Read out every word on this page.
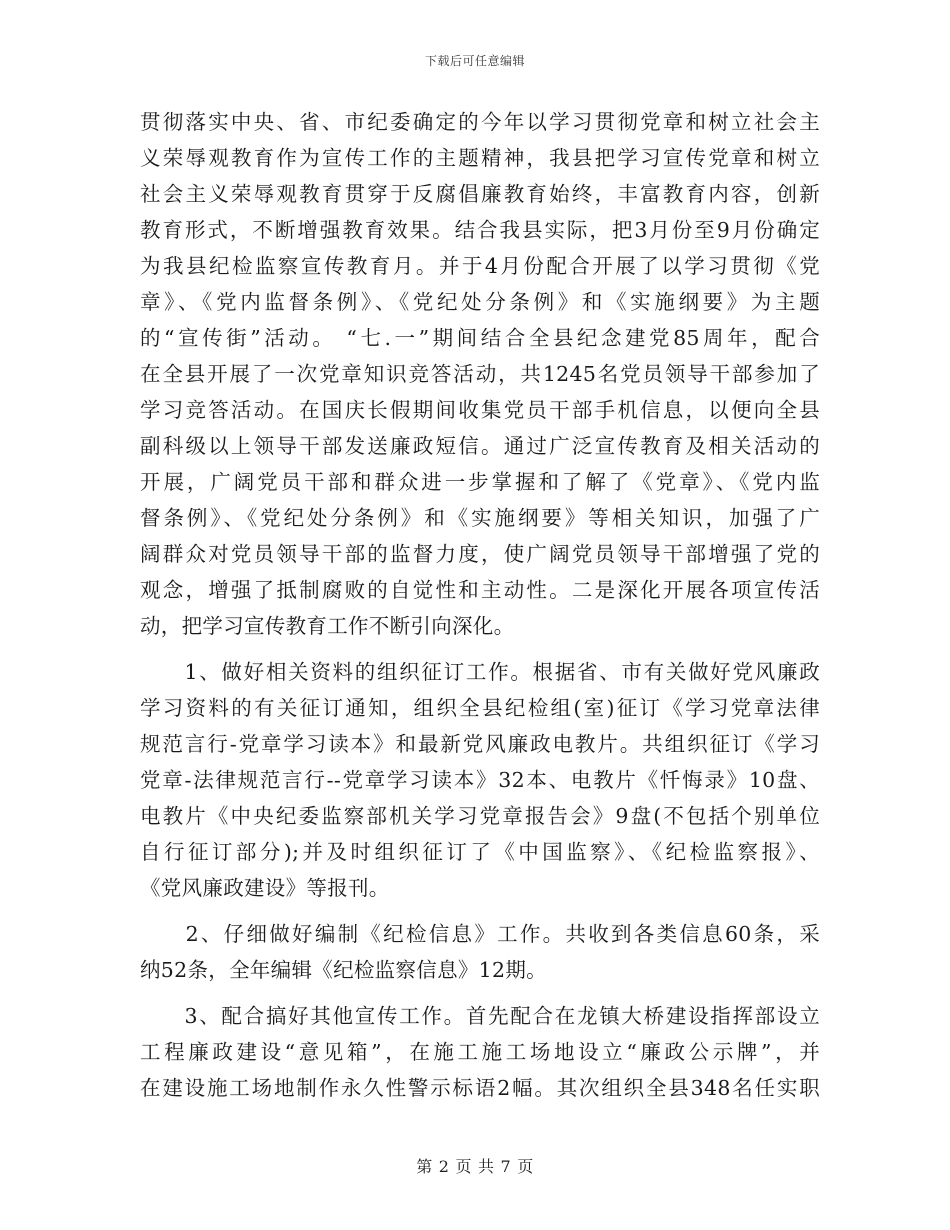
下载后可任意编辑
贯彻落实中央、省、市纪委确定的今年以学习贯彻党章和树立社会主
义荣辱观教育作为宣传工作的主题精神，我县把学习宣传党章和树立
社会主义荣辱观教育贯穿于反腐倡廉教育始终，丰富教育内容，创新
教育形式，不断增强教育效果。结合我县实际，把3月份至9月份确定
为我县纪检监察宣传教育月。并于4月份配合开展了以学习贯彻《党
章》、《党内监督条例》、《党纪处分条例》和《实施纲要》为主题
的“宣传街”活动。 “七.一”期间结合全县纪念建党85周年，配合
在全县开展了一次党章知识竞答活动，共1245名党员领导干部参加了
学习竞答活动。在国庆长假期间收集党员干部手机信息，以便向全县
副科级以上领导干部发送廉政短信。通过广泛宣传教育及相关活动的
开展，广阔党员干部和群众进一步掌握和了解了《党章》、《党内监
督条例》、《党纪处分条例》和《实施纲要》等相关知识，加强了广
阔群众对党员领导干部的监督力度，使广阔党员领导干部增强了党的
观念，增强了抵制腐败的自觉性和主动性。二是深化开展各项宣传活
动，把学习宣传教育工作不断引向深化。
　　1、做好相关资料的组织征订工作。根据省、市有关做好党风廉政
学习资料的有关征订通知，组织全县纪检组(室)征订《学习党章法律
规范言行-党章学习读本》和最新党风廉政电教片。共组织征订《学习
党章-法律规范言行--党章学习读本》32本、电教片《忏悔录》10盘、
电教片《中央纪委监察部机关学习党章报告会》9盘(不包括个别单位
自行征订部分);并及时组织征订了《中国监察》、《纪检监察报》、
《党风廉政建设》等报刊。
　　2、仔细做好编制《纪检信息》工作。共收到各类信息60条，采
纳52条，全年编辑《纪检监察信息》12期。
　　3、配合搞好其他宣传工作。首先配合在龙镇大桥建设指挥部设立
工程廉政建设“意见箱”，在施工施工场地设立“廉政公示牌”，并
在建设施工场地制作永久性警示标语2幅。其次组织全县348名任实职
第 2 页 共 7 页
